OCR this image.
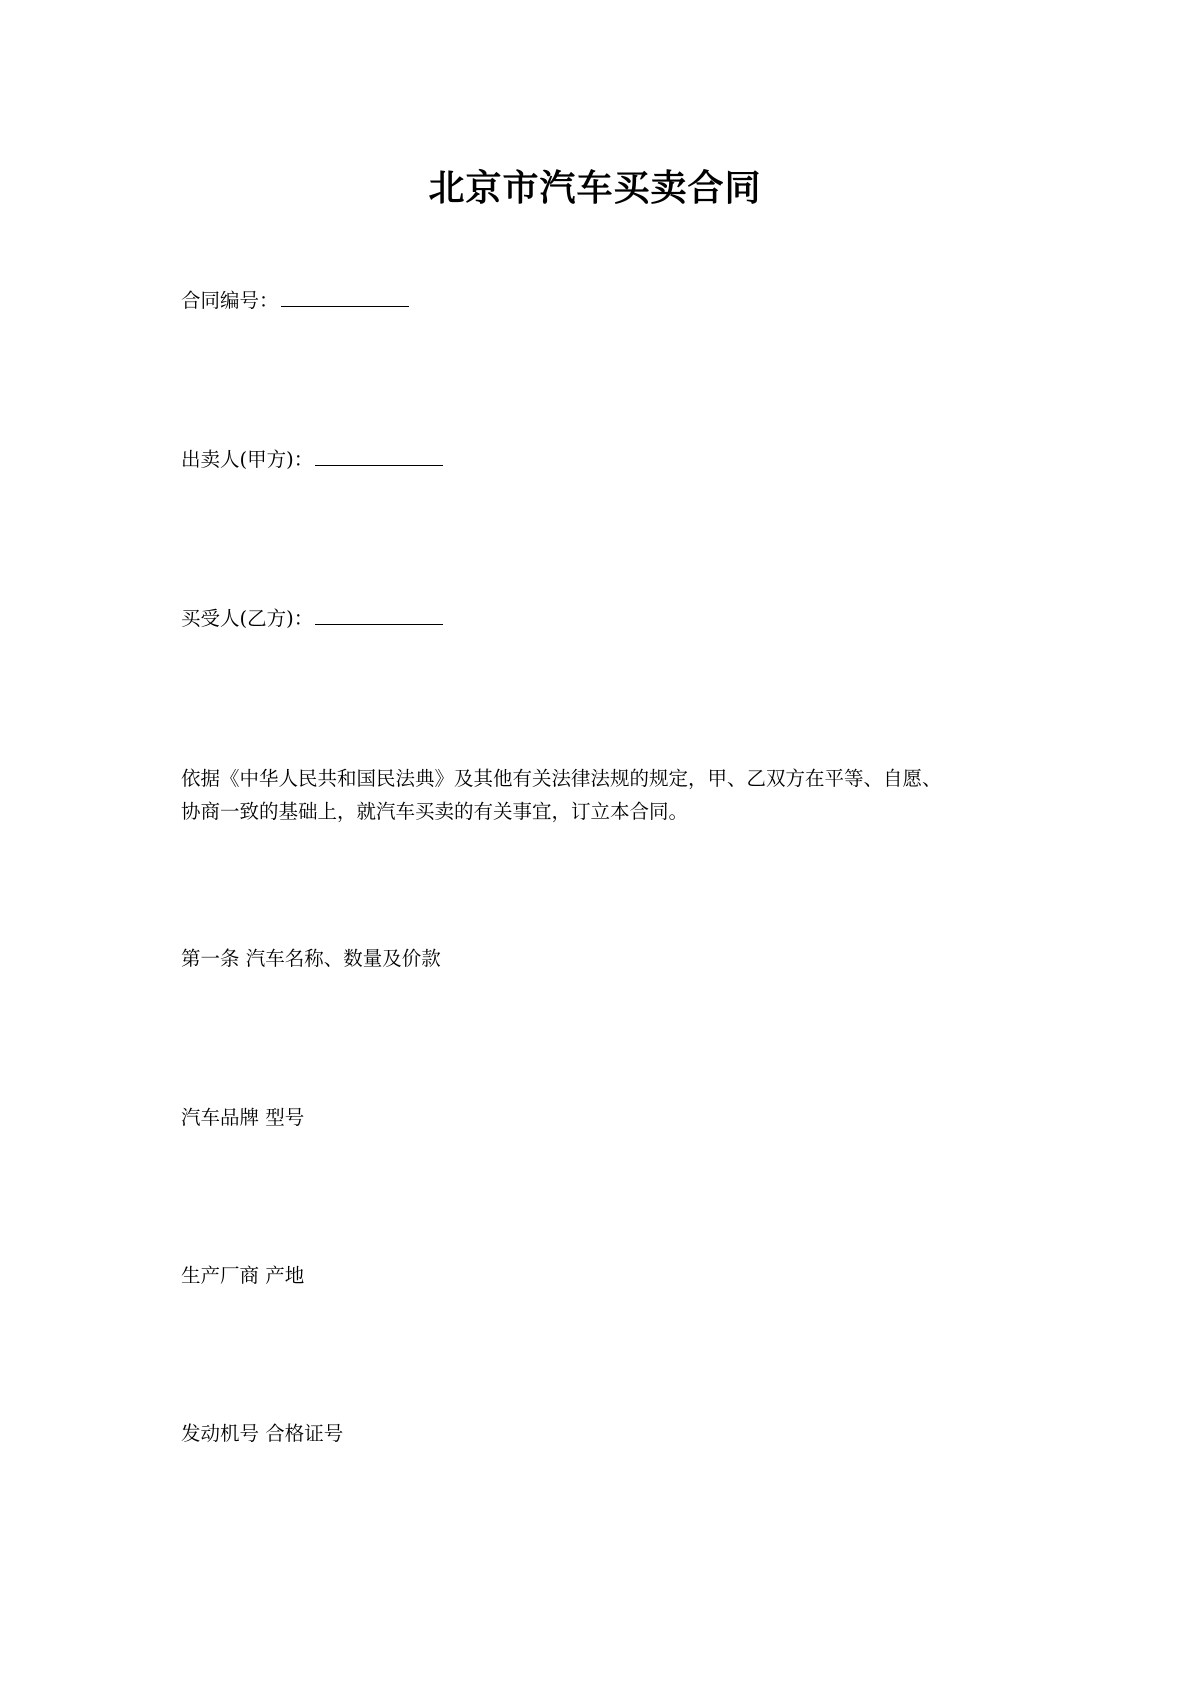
北京市汽车买卖合同
合同编号：
出卖人(甲方)：
买受人(乙方)：
依据《中华人民共和国民法典》及其他有关法律法规的规定，甲、乙双方在平等、自愿、
协商一致的基础上，就汽车买卖的有关事宜，订立本合同。
第一条 汽车名称、数量及价款
汽车品牌 型号
生产厂商 产地
发动机号 合格证号
